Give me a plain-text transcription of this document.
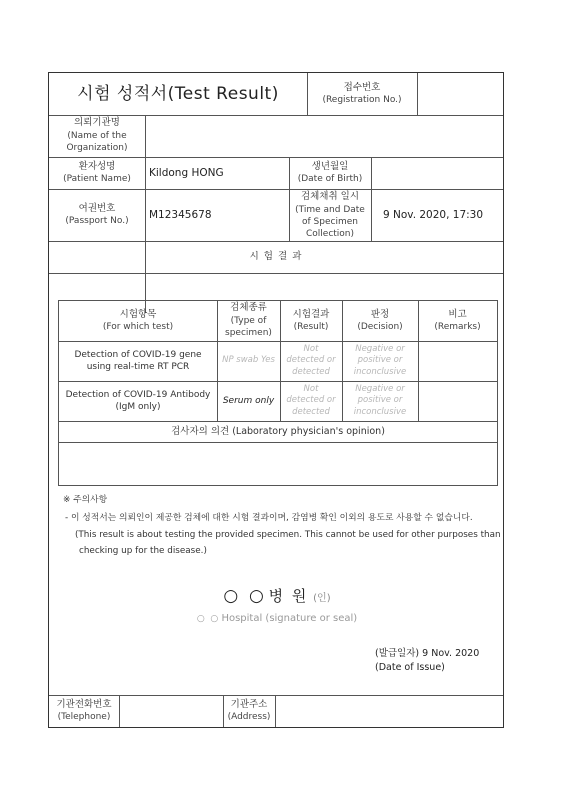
시험 성적서(Test Result)	접수번호
(Registration No.)
의뢰기관명
(Name of the Organization)
환자성명
(Patient Name)
Kildong HONG
생년월일
(Date of Birth)
여권번호
(Passport No.)
M12345678
검체채취 일시
(Time and Date of Specimen Collection)
9 Nov. 2020, 17:30
시 험 결 과
시험항목
(For which test)
검체종류
(Type of specimen)
시험결과
(Result)
판정
(Decision)
비고
(Remarks)
Detection of COVID-19 gene using real-time RT PCR
NP swab Yes
Not detected or detected
Negative or positive or inconclusive
Detection of COVID-19 Antibody (IgM only)
Serum only
Not detected or detected
Negative or positive or inconclusive
검사자의 의견 (Laboratory physician's opinion)
※ 주의사항
- 이 성적서는 의뢰인이 제공한 검체에 대한 시험 결과이며, 감염병 확인 이외의 용도로 사용할 수 없습니다.
(This result is about testing the provided specimen. This cannot be used for other purposes than
checking up for the disease.)
○  ○ 병 원 (인)
○  ○ Hospital (signature or seal)
(발급일자) 9 Nov. 2020
(Date of Issue)
기관전화번호
(Telephone)
기관주소
(Address)
